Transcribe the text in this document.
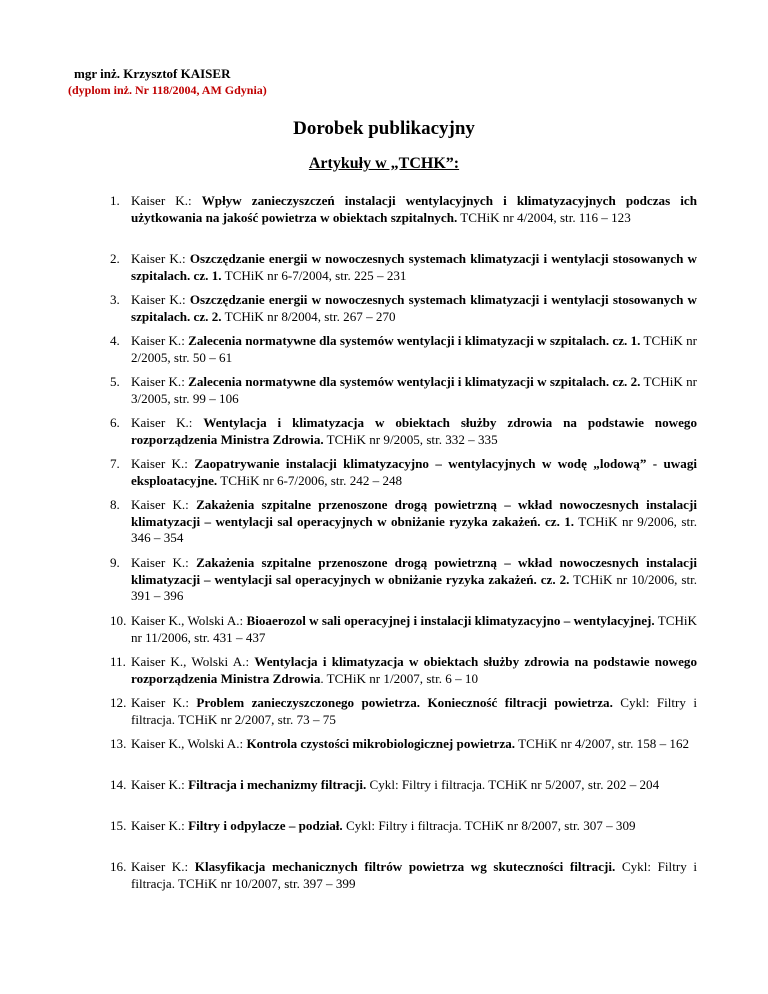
mgr inż. Krzysztof KAISER
(dyplom inż. Nr 118/2004, AM Gdynia)
Dorobek publikacyjny
Artykuły w „TCHK”:
1. Kaiser K.: Wpływ zanieczyszczeń instalacji wentylacyjnych i klimatyzacyjnych podczas ich użytkowania na jakość powietrza w obiektach szpitalnych. TCHiK nr 4/2004, str. 116 – 123
2. Kaiser K.: Oszczędzanie energii w nowoczesnych systemach klimatyzacji i wentylacji stosowanych w szpitalach. cz. 1. TCHiK nr 6-7/2004, str. 225 – 231
3. Kaiser K.: Oszczędzanie energii w nowoczesnych systemach klimatyzacji i wentylacji stosowanych w szpitalach. cz. 2. TCHiK nr 8/2004, str. 267 – 270
4. Kaiser K.: Zalecenia normatywne dla systemów wentylacji i klimatyzacji w szpitalach. cz. 1. TCHiK nr 2/2005, str. 50 – 61
5. Kaiser K.: Zalecenia normatywne dla systemów wentylacji i klimatyzacji w szpitalach. cz. 2. TCHiK nr 3/2005, str. 99 – 106
6. Kaiser K.: Wentylacja i klimatyzacja w obiektach służby zdrowia na podstawie nowego rozporządzenia Ministra Zdrowia. TCHiK nr 9/2005, str. 332 – 335
7. Kaiser K.: Zaopatrywanie instalacji klimatyzacyjno – wentylacyjnych w wodę „lodową” - uwagi eksploatacyjne. TCHiK nr 6-7/2006, str. 242 – 248
8. Kaiser K.: Zakażenia szpitalne przenoszone drogą powietrzną – wkład nowoczesnych instalacji klimatyzacji – wentylacji sal operacyjnych w obniżanie ryzyka zakażeń. cz. 1. TCHiK nr 9/2006, str. 346 – 354
9. Kaiser K.: Zakażenia szpitalne przenoszone drogą powietrzną – wkład nowoczesnych instalacji klimatyzacji – wentylacji sal operacyjnych w obniżanie ryzyka zakażeń. cz. 2. TCHiK nr 10/2006, str. 391 – 396
10. Kaiser K., Wolski A.: Bioaerozol w sali operacyjnej i instalacji klimatyzacyjno – wentylacyjnej. TCHiK nr 11/2006, str. 431 – 437
11. Kaiser K., Wolski A.: Wentylacja i klimatyzacja w obiektach służby zdrowia na podstawie nowego rozporządzenia Ministra Zdrowia. TCHiK nr 1/2007, str. 6 – 10
12. Kaiser K.: Problem zanieczyszczonego powietrza. Konieczność filtracji powietrza. Cykl: Filtry i filtracja. TCHiK nr 2/2007, str. 73 – 75
13. Kaiser K., Wolski A.: Kontrola czystości mikrobiologicznej powietrza. TCHiK nr 4/2007, str. 158 – 162
14. Kaiser K.: Filtracja i mechanizmy filtracji. Cykl: Filtry i filtracja. TCHiK nr 5/2007, str. 202 – 204
15. Kaiser K.: Filtry i odpylacze – podział. Cykl: Filtry i filtracja. TCHiK nr 8/2007, str. 307 – 309
16. Kaiser K.: Klasyfikacja mechanicznych filtrów powietrza wg skuteczności filtracji. Cykl: Filtry i filtracja. TCHiK nr 10/2007, str. 397 – 399
